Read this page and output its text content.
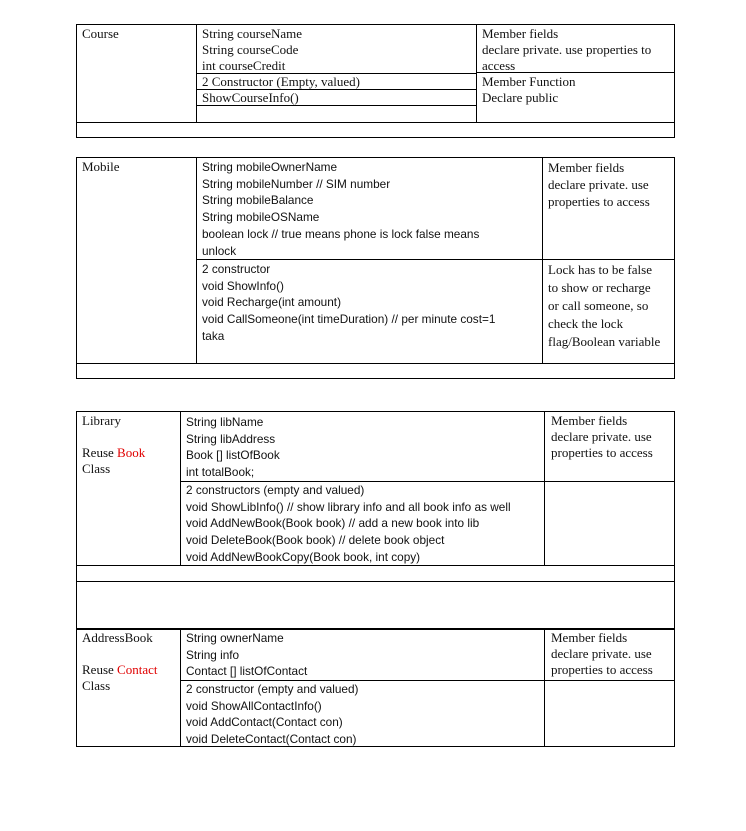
Course	String courseName
String courseCode
int courseCredit
2 Constructor (Empty, valued)
ShowCourseInfo()
Member fields
declare private. use properties to
access
Member Function
Declare public
Mobile	String mobileOwnerName
String mobileNumber // SIM number
String mobileBalance
String mobileOSName
boolean lock // true means phone is lock false means
unlock
2 constructor
void ShowInfo()
void Recharge(int amount)
void CallSomeone(int timeDuration) // per minute cost=1
taka
Member fields
declare private. use
properties to access
Lock has to be false
to show or recharge
or call someone, so
check the lock
flag/Boolean variable
Library
Reuse Book
Class
String libName
String libAddress
Book [] listOfBook
int totalBook;
2 constructors (empty and valued)
void ShowLibInfo() // show library info and all book info as well
void AddNewBook(Book book) // add a new book into lib
void DeleteBook(Book book) // delete book object
void AddNewBookCopy(Book book, int copy)
Member fields
declare private. use
properties to access
AddressBook
Reuse Contact
Class
String ownerName
String info
Contact [] listOfContact
2 constructor (empty and valued)
void ShowAllContactInfo()
void AddContact(Contact con)
void DeleteContact(Contact con)
Member fields
declare private. use
properties to access
